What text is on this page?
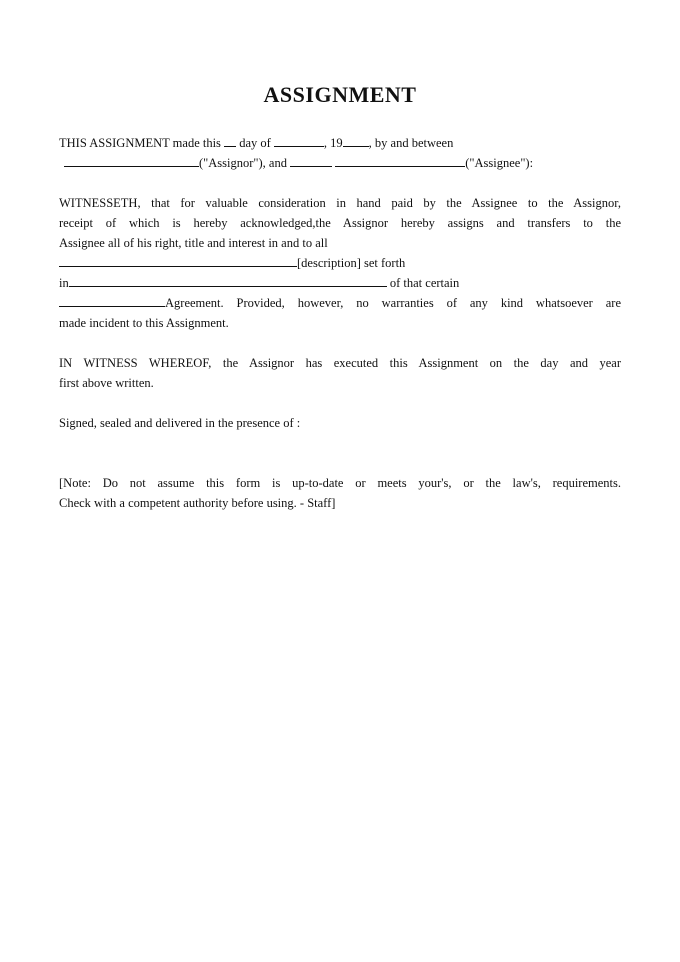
ASSIGNMENT
THIS ASSIGNMENT made this day of	, 19 , by and between
("Assignor"), and	("Assignee"):
WITNESSETH, that for valuable consideration in hand paid by the Assignee to the Assignor,
receipt of which is hereby acknowledged,the Assignor hereby assigns and transfers to the
Assignee all of his right, title and interest in and to all
[description] set forth
in	of that certain
Agreement. Provided, however, no warranties of any kind whatsoever are
made incident to this Assignment.
IN WITNESS WHEREOF, the Assignor has executed this Assignment on the day and year
first above written.
Signed, sealed and delivered in the presence of :
[Note: Do not assume this form is up-to-date or meets your's, or the law's, requirements.
Check with a competent authority before using. - Staff]
